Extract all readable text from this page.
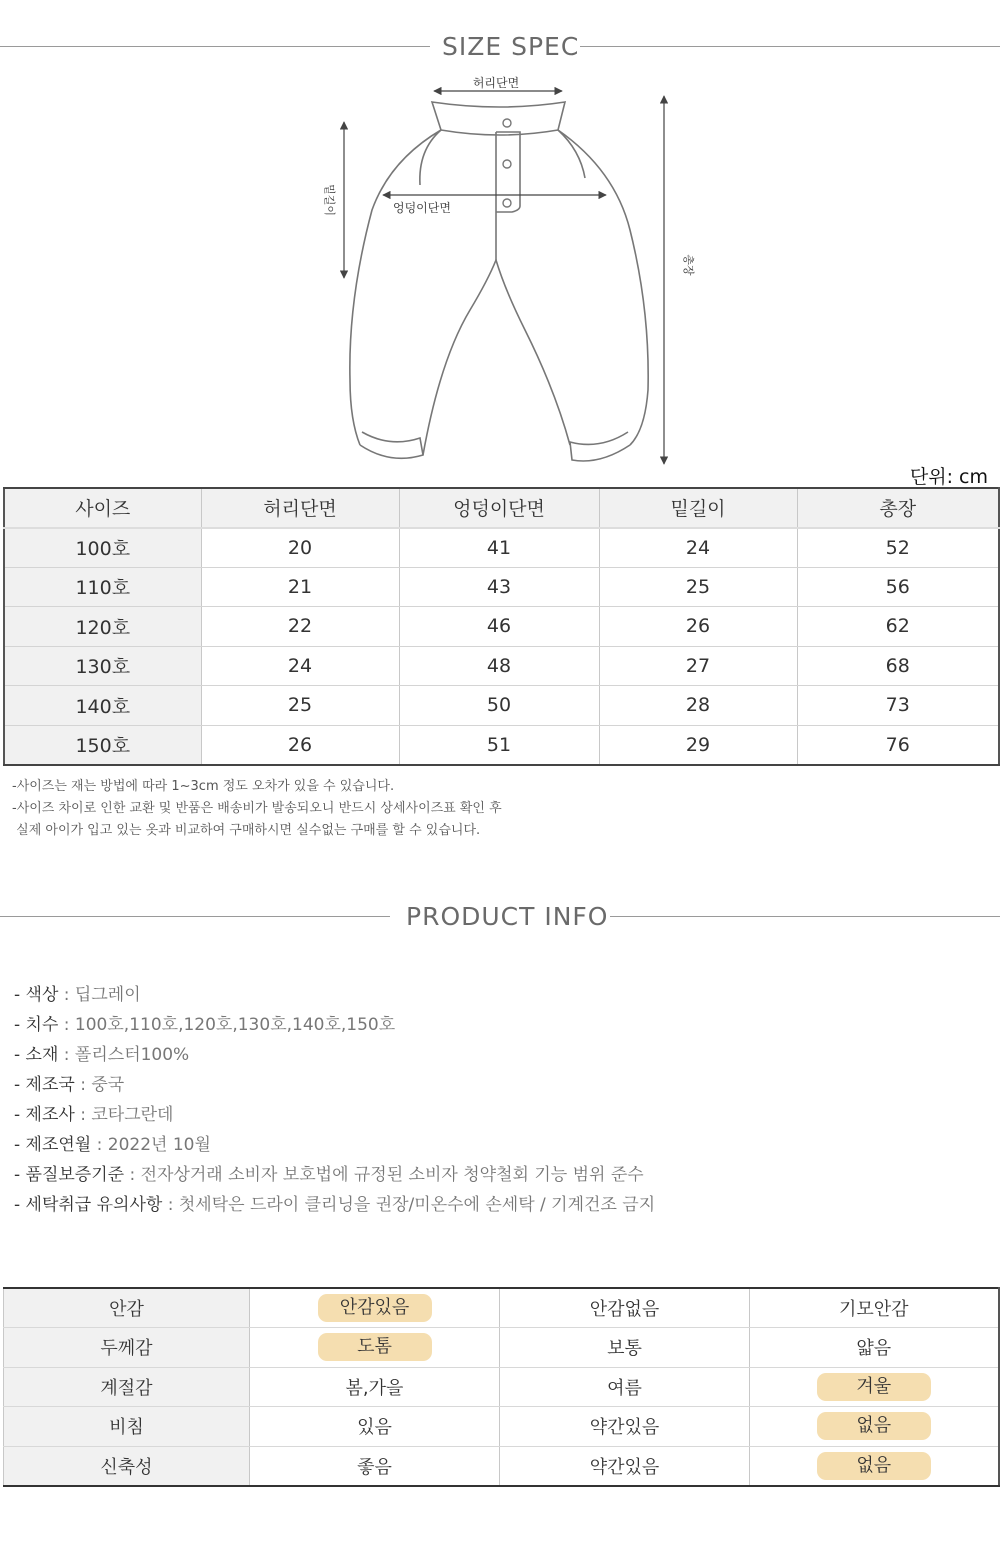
SIZE SPEC
허리단면
엉덩이단면
밑길이
총장
단위: cm
사이즈	허리단면	엉덩이단면	밑길이	총장
100호	20	41	24	52
110호	21	43	25	56
120호	22	46	26	62
130호	24	48	27	68
140호	25	50	28	73
150호	26	51	29	76
-사이즈는 재는 방법에 따라 1~3cm 정도 오차가 있을 수 있습니다.
-사이즈 차이로 인한 교환 및 반품은 배송비가 발송되오니 반드시 상세사이즈표 확인 후
실제 아이가 입고 있는 옷과 비교하여 구매하시면 실수없는 구매를 할 수 있습니다.
PRODUCT INFO
- 색상 : 딥그레이
- 치수 : 100호,110호,120호,130호,140호,150호
- 소재 : 폴리스터100%
- 제조국 : 중국
- 제조사 : 코타그란데
- 제조연월 : 2022년 10월
- 품질보증기준 : 전자상거래 소비자 보호법에 규정된 소비자 청약철회 기능 범위 준수
- 세탁취급 유의사항 : 첫세탁은 드라이 클리닝을 권장/미온수에 손세탁 / 기계건조 금지
안감	안감있음	안감없음	기모안감
두께감	도톰	보통	얇음
계절감	봄,가을	여름	겨울
비침	있음	약간있음	없음
신축성	좋음	약간있음	없음
